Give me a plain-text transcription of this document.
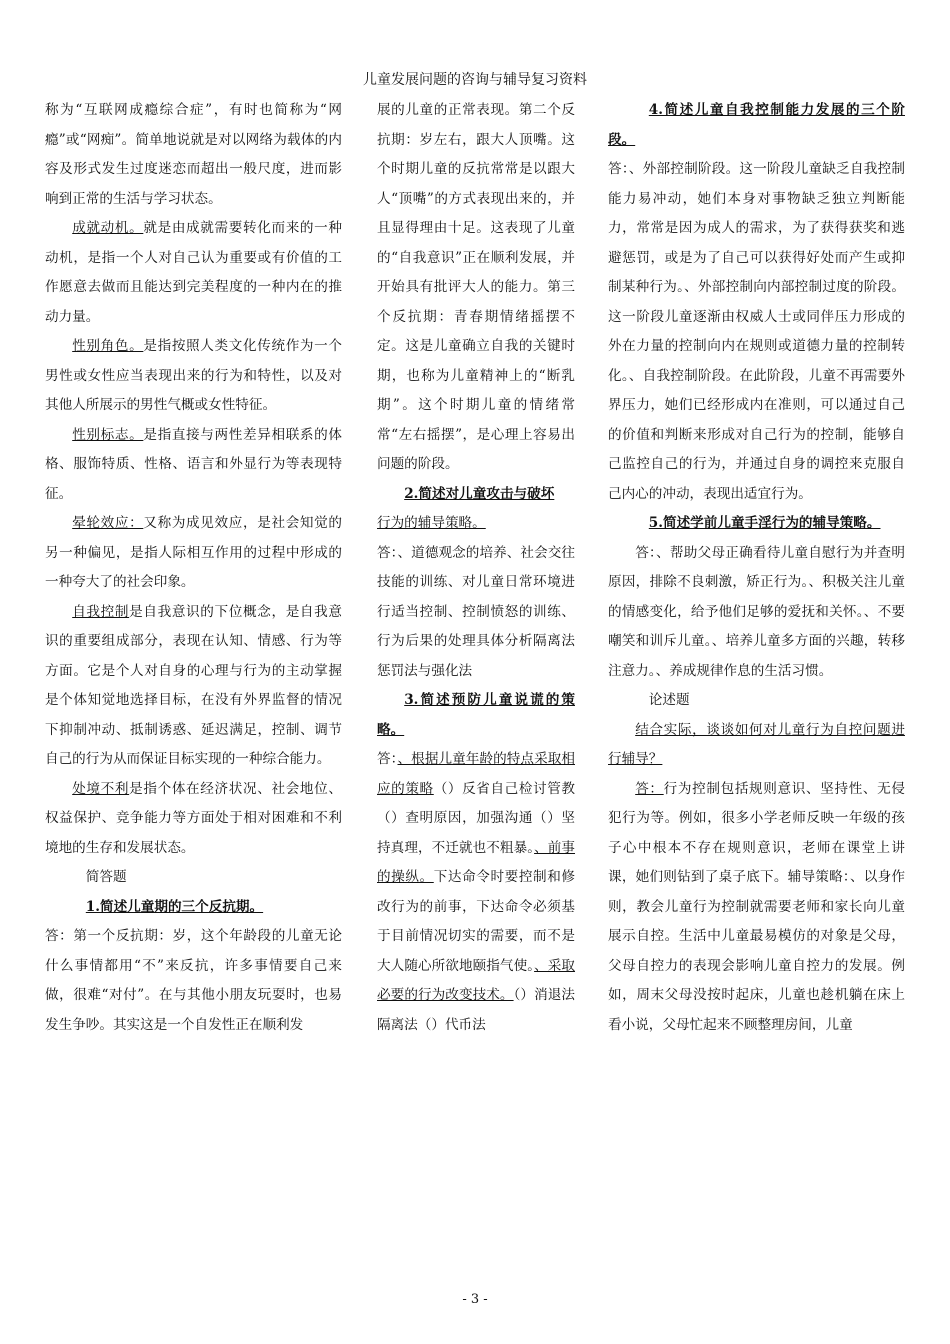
儿童发展问题的咨询与辅导复习资料

称为“互联网成瘾综合症”，有时也简称为“网瘾”或“网痴”。简单地说就是对以网络为载体的内容及形式发生过度迷恋而超出一般尺度，进而影响到正常的生活与学习状态。

成就动机。就是由成就需要转化而来的一种动机，是指一个人对自己认为重要或有价值的工作愿意去做而且能达到完美程度的一种内在的推动力量。

性别角色。是指按照人类文化传统作为一个男性或女性应当表现出来的行为和特性，以及对其他人所展示的男性气概或女性特征。

性别标志。是指直接与两性差异相联系的体格、服饰特质、性格、语言和外显行为等表现特征。

晕轮效应：又称为成见效应，是社会知觉的另一种偏见，是指人际相互作用的过程中形成的一种夸大了的社会印象。

自我控制是自我意识的下位概念，是自我意识的重要组成部分，表现在认知、情感、行为等方面。它是个人对自身的心理与行为的主动掌握是个体知觉地选择目标，在没有外界监督的情况下抑制冲动、抵制诱惑、延迟满足，控制、调节自己的行为从而保证目标实现的一种综合能力。

处境不利是指个体在经济状况、社会地位、权益保护、竞争能力等方面处于相对困难和不利境地的生存和发展状态。

简答题

1.简述儿童期的三个反抗期。

答：第一个反抗期：岁，这个年龄段的儿童无论什么事情都用“不”来反抗，许多事情要自己来做，很难“对付”。在与其他小朋友玩耍时，也易发生争吵。其实这是一个自发性正在顺利发

展的儿童的正常表现。第二个反抗期：岁左右，跟大人顶嘴。这个时期儿童的反抗常常是以跟大人“顶嘴”的方式表现出来的，并且显得理由十足。这表现了儿童的“自我意识”正在顺利发展，并开始具有批评大人的能力。第三个反抗期：青春期情绪摇摆不定。这是儿童确立自我的关键时期，也称为儿童精神上的“断乳期”。这个时期儿童的情绪常常“左右摇摆”，是心理上容易出问题的阶段。

2.简述对儿童攻击与破坏

行为的辅导策略。

答：、道德观念的培养、社会交往技能的训练、对儿童日常环境进行适当控制、控制愤怒的训练、行为后果的处理具体分析隔离法惩罚法与强化法

3.简述预防儿童说谎的策略。

答：、根据儿童年龄的特点采取相应的策略（）反省自己检讨管教（）查明原因，加强沟通（）坚持真理，不迁就也不粗暴。、前事的操纵。下达命令时要控制和修改行为的前事，下达命令必须基于目前情况切实的需要，而不是大人随心所欲地颐指气使。、采取必要的行为改变技术。（）消退法隔离法（）代币法

4.简述儿童自我控制能力发展的三个阶段。

答：、外部控制阶段。这一阶段儿童缺乏自我控制能力易冲动，她们本身对事物缺乏独立判断能力，常常是因为成人的需求，为了获得获奖和逃避惩罚，或是为了自己可以获得好处而产生或抑制某种行为。、外部控制向内部控制过度的阶段。这一阶段儿童逐渐由权威人士或同伴压力形成的外在力量的控制向内在规则或道德力量的控制转化。、自我控制阶段。在此阶段，儿童不再需要外界压力，她们已经形成内在准则，可以通过自己的价值和判断来形成对自己行为的控制，能够自己监控自己的行为，并通过自身的调控来克服自己内心的冲动，表现出适宜行为。

5.简述学前儿童手淫行为的辅导策略。

答：、帮助父母正确看待儿童自慰行为并查明原因，排除不良刺激，矫正行为。、积极关注儿童的情感变化，给予他们足够的爱抚和关怀。、不要嘲笑和训斥儿童。、培养儿童多方面的兴趣，转移注意力。、养成规律作息的生活习惯。

论述题

结合实际，谈谈如何对儿童行为自控问题进行辅导？

答：行为控制包括规则意识、坚持性、无侵犯行为等。例如，很多小学老师反映一年级的孩子心中根本不存在规则意识，老师在课堂上讲课，她们则钻到了桌子底下。辅导策略：、以身作则，教会儿童行为控制就需要老师和家长向儿童展示自控。生活中儿童最易模仿的对象是父母，父母自控力的表现会影响儿童自控力的发展。例如，周末父母没按时起床，儿童也趁机躺在床上看小说，父母忙起来不顾整理房间，儿童

- 3 -
